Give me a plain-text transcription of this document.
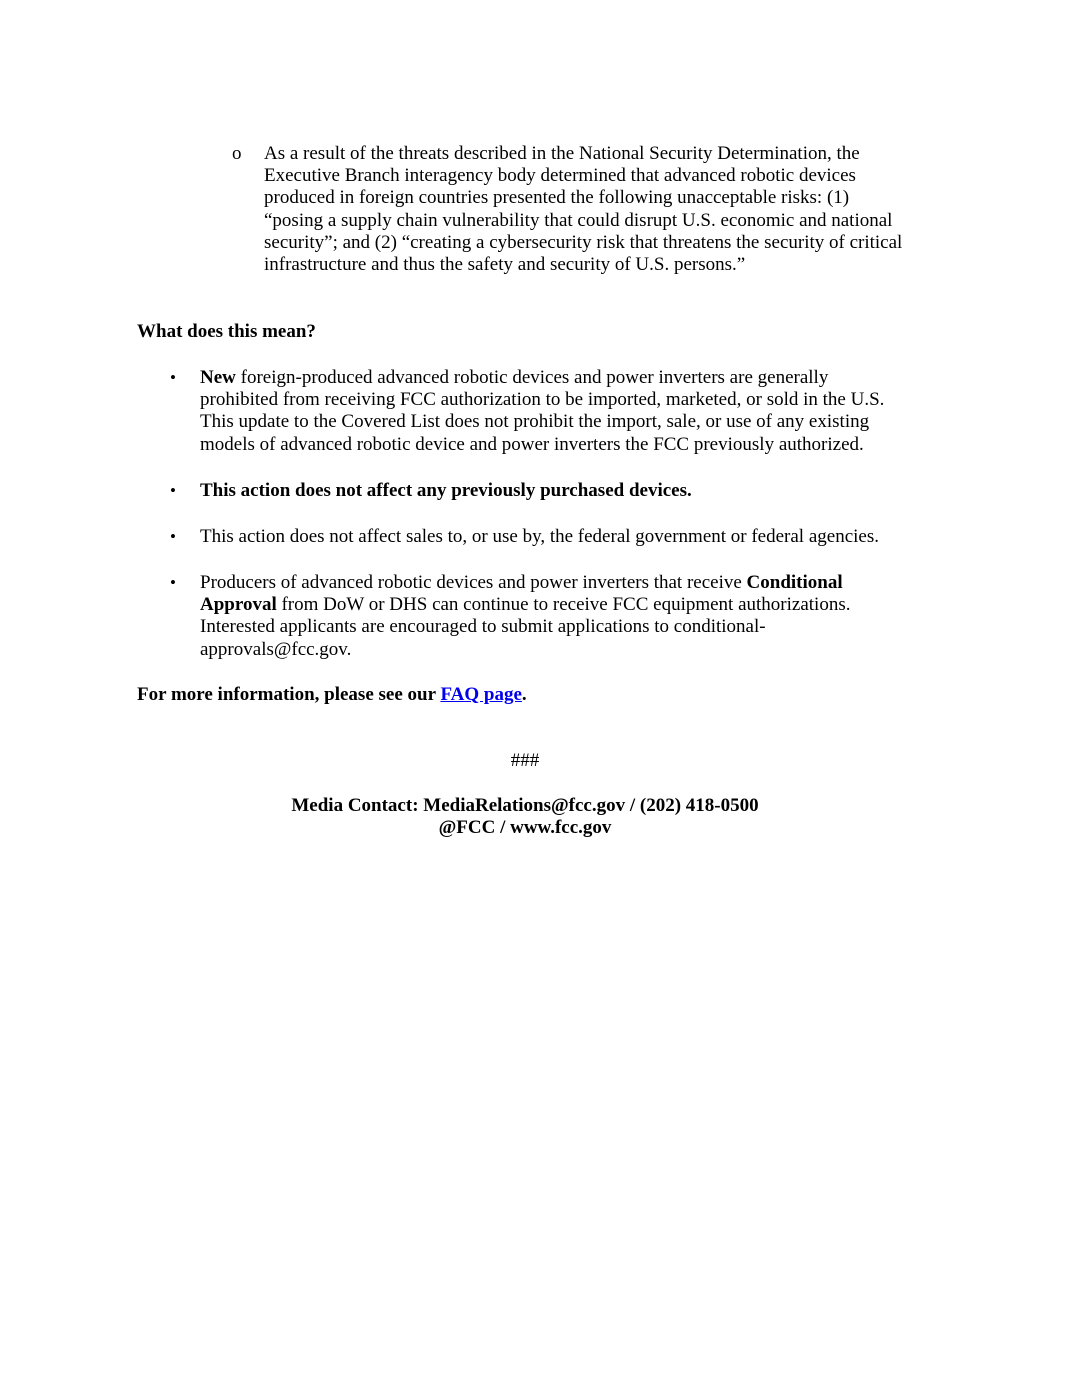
o As a result of the threats described in the National Security Determination, the
Executive Branch interagency body determined that advanced robotic devices
produced in foreign countries presented the following unacceptable risks: (1)
“posing a supply chain vulnerability that could disrupt U.S. economic and national
security”; and (2) “creating a cybersecurity risk that threatens the security of critical
infrastructure and thus the safety and security of U.S. persons.”
What does this mean?
• New foreign-produced advanced robotic devices and power inverters are generally
prohibited from receiving FCC authorization to be imported, marketed, or sold in the U.S.
This update to the Covered List does not prohibit the import, sale, or use of any existing
models of advanced robotic device and power inverters the FCC previously authorized.
• This action does not affect any previously purchased devices.
• This action does not affect sales to, or use by, the federal government or federal agencies.
• Producers of advanced robotic devices and power inverters that receive Conditional
Approval from DoW or DHS can continue to receive FCC equipment authorizations.
Interested applicants are encouraged to submit applications to conditional-
approvals@fcc.gov.
For more information, please see our FAQ page.
###
Media Contact: MediaRelations@fcc.gov / (202) 418-0500
@FCC / www.fcc.gov
